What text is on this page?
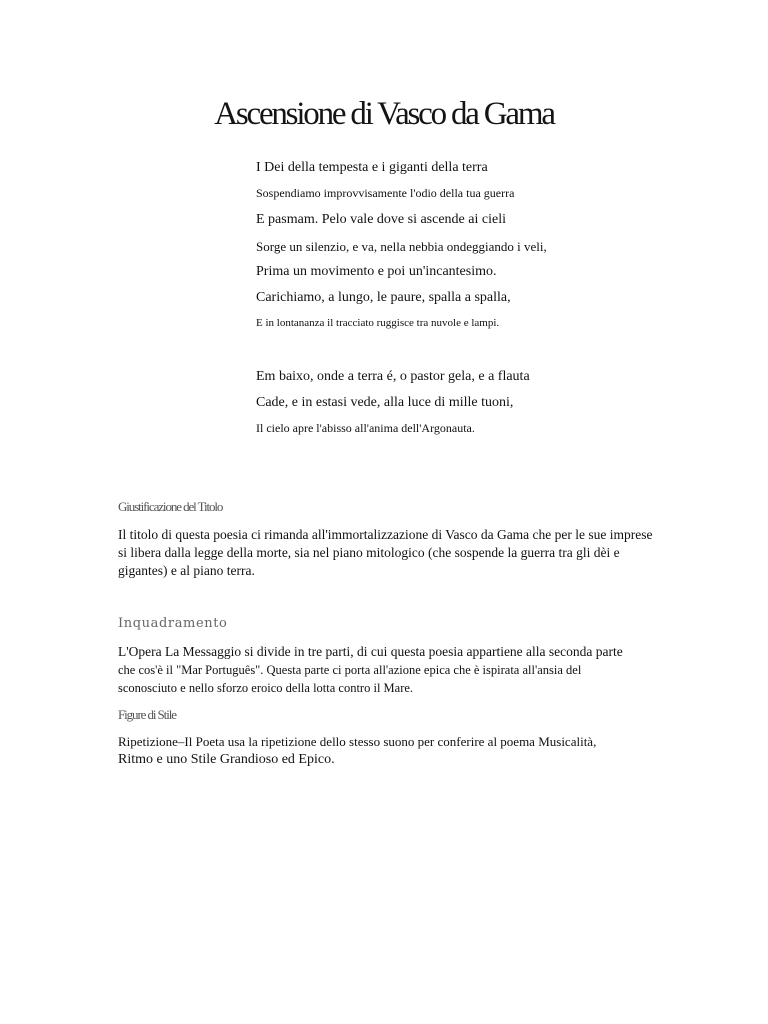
Ascensione di Vasco da Gama
I Dei della tempesta e i giganti della terra
Sospendiamo improvvisamente l'odio della tua guerra
E pasmam. Pelo vale dove si ascende ai cieli
Sorge un silenzio, e va, nella nebbia ondeggiando i veli,
Prima un movimento e poi un'incantesimo.
Carichiamo, a lungo, le paure, spalla a spalla,
E in lontananza il tracciato ruggisce tra nuvole e lampi.
Em baixo, onde a terra é, o pastor gela, e a flauta
Cade, e in estasi vede, alla luce di mille tuoni,
Il cielo apre l'abisso all'anima dell'Argonauta.
Giustificazione del Titolo
Il titolo di questa poesia ci rimanda all'immortalizzazione di Vasco da Gama che per le sue imprese
si libera dalla legge della morte, sia nel piano mitologico (che sospende la guerra tra gli dèi e
gigantes) e al piano terra.
Inquadramento
L'Opera La Messaggio si divide in tre parti, di cui questa poesia appartiene alla seconda parte
che cos'è il "Mar Português". Questa parte ci porta all'azione epica che è ispirata all'ansia del
sconosciuto e nello sforzo eroico della lotta contro il Mare.
Figure di Stile
Ripetizione–Il Poeta usa la ripetizione dello stesso suono per conferire al poema Musicalità,
Ritmo e uno Stile Grandioso ed Epico.
